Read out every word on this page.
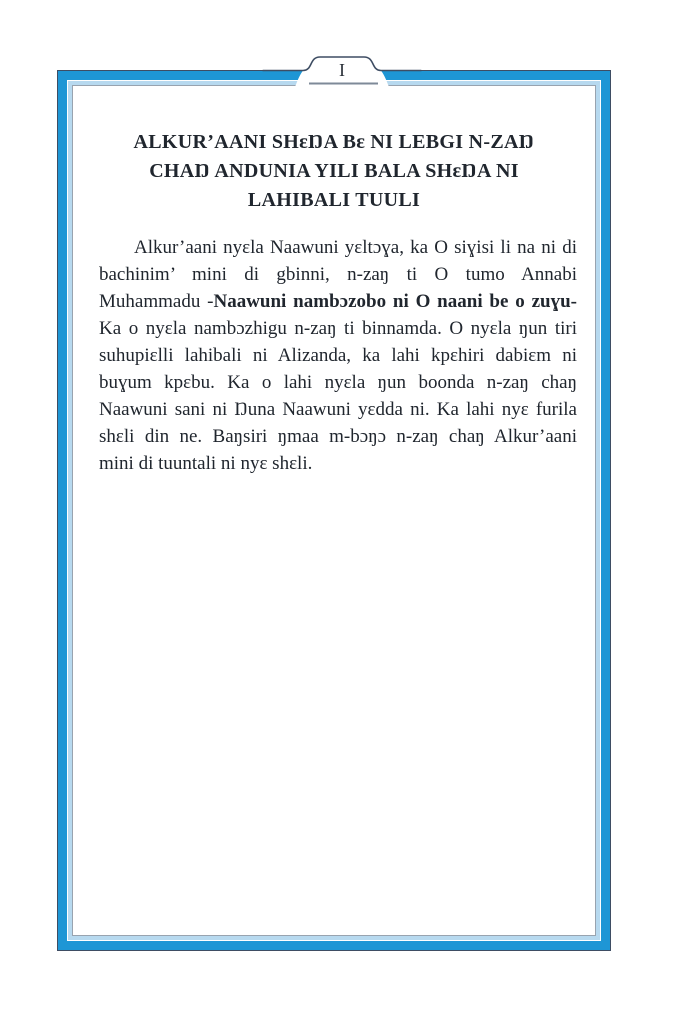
ALKUR’AANI SHɛŊA Bɛ NI LEBGI N-ZAŊ
CHAŊ ANDUNIA YILI BALA SHɛŊA NI
LAHIBALI TUULI
Alkur’aani nyɛla Naawuni yɛltɔɣa, ka O siɣisi li na ni di
bachinim’ mini di gbinni, n-zaŋ ti O tumo Annabi
Muhammadu -Naawuni nambɔzobo ni O naani be o zuɣu-
Ka o nyɛla nambɔzhigu n-zaŋ ti binnamda. O nyɛla ŋun tiri
suhupiɛlli lahibali ni Alizanda, ka lahi kpɛhiri dabiɛm ni
buɣum kpɛbu. Ka o lahi nyɛla ŋun boonda n-zaŋ chaŋ
Naawuni sani ni Ŋuna Naawuni yɛdda ni. Ka lahi nyɛ furila
shɛli din ne. Baŋsiri ŋmaa m-bɔŋɔ n-zaŋ chaŋ Alkur’aani
mini di tuuntali ni nyɛ shɛli.
I
